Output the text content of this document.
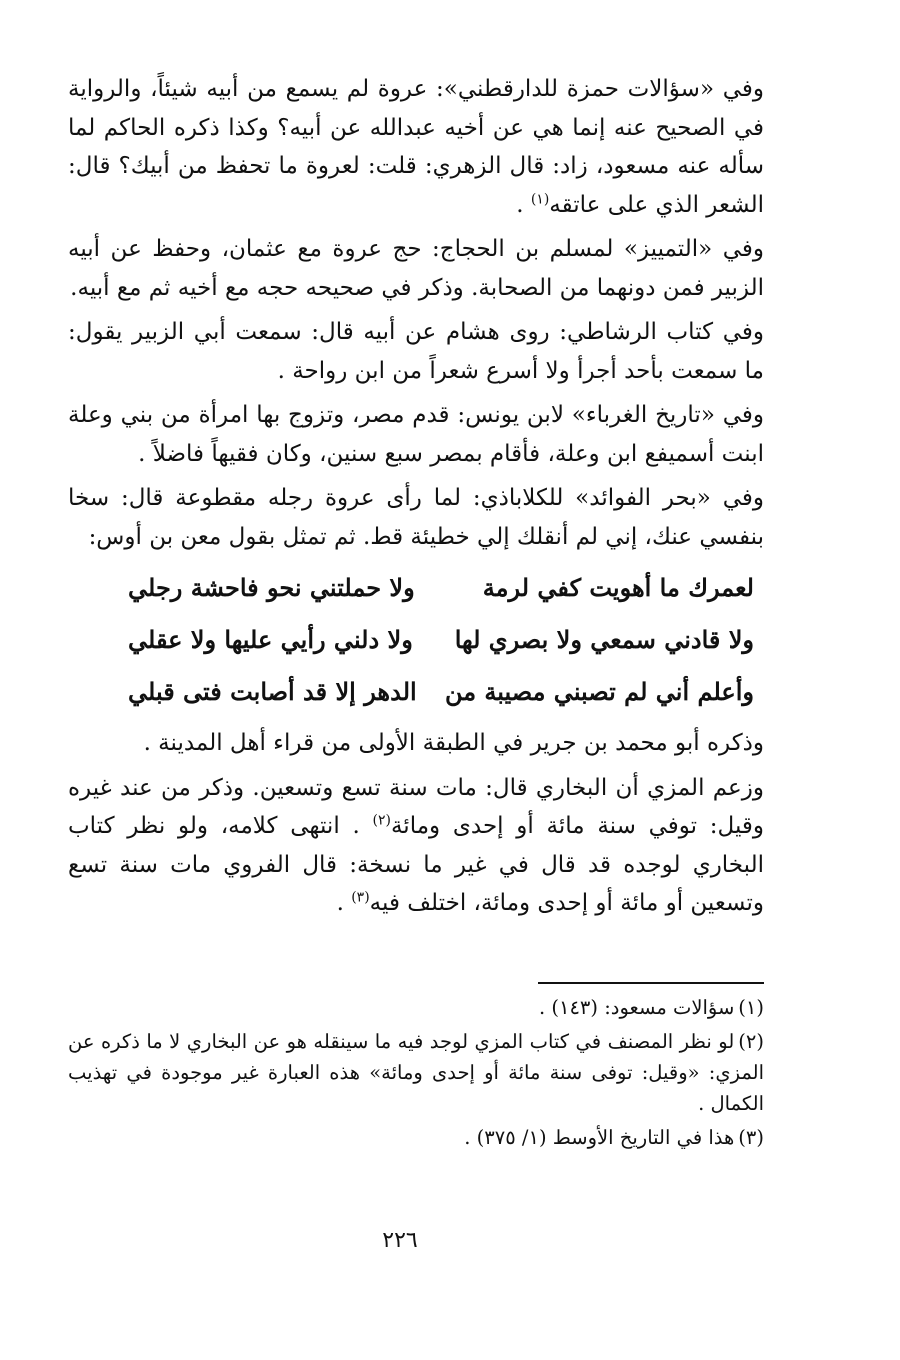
وفي «سؤالات حمزة للدارقطني»: عروة لم يسمع من أبيه شيئاً، والرواية في الصحيح عنه إنما هي عن أخيه عبدالله عن أبيه؟ وكذا ذكره الحاكم لما سأله عنه مسعود، زاد: قال الزهري: قلت: لعروة ما تحفظ من أبيك؟ قال: الشعر الذي على عاتقه$^{(١)}$ .

وفي «التمييز» لمسلم بن الحجاج: حج عروة مع عثمان، وحفظ عن أبيه الزبير فمن دونهما من الصحابة. وذكر في صحيحه حجه مع أخيه ثم مع أبيه.

وفي كتاب الرشاطي: روى هشام عن أبيه قال: سمعت أبي الزبير يقول: ما سمعت بأحد أجرأ ولا أسرع شعراً من ابن رواحة .

وفي «تاريخ الغرباء» لابن يونس: قدم مصر، وتزوج بها امرأة من بني وعلة ابنت أسميفع ابن وعلة، فأقام بمصر سبع سنين، وكان فقيهاً فاضلاً .

وفي «بحر الفوائد» للكلاباذي: لما رأى عروة رجله مقطوعة قال: سخا بنفسي عنك، إني لم أنقلك إلي خطيئة قط. ثم تمثل بقول معن بن أوس:

لعمرك ما أهويت كفي لرمة
ولا حملتني نحو فاحشة رجلي
ولا قادني سمعي ولا بصري لها
ولا دلني رأيي عليها ولا عقلي
وأعلم أني لم تصبني مصيبة من
الدهر إلا قد أصابت فتى قبلي

وذكره أبو محمد بن جرير في الطبقة الأولى من قراء أهل المدينة .

وزعم المزي أن البخاري قال: مات سنة تسع وتسعين. وذكر من عند غيره وقيل: توفي سنة مائة أو إحدى ومائة$^{(٢)}$ . انتهى كلامه، ولو نظر كتاب البخاري لوجده قد قال في غير ما نسخة: قال الفروي مات سنة تسع وتسعين أو مائة أو إحدى ومائة، اختلف فيه$^{(٣)}$ .

(١)سؤالات مسعود: (١٤٣) .

(٢)لو نظر المصنف في كتاب المزي لوجد فيه ما سينقله هو عن البخاري لا ما ذكره عن المزي: «وقيل: توفى سنة مائة أو إحدى ومائة» هذه العبارة غير موجودة في تهذيب الكمال .

(٣)هذا في التاريخ الأوسط (١/ ٣٧٥) .

٢٢٦
